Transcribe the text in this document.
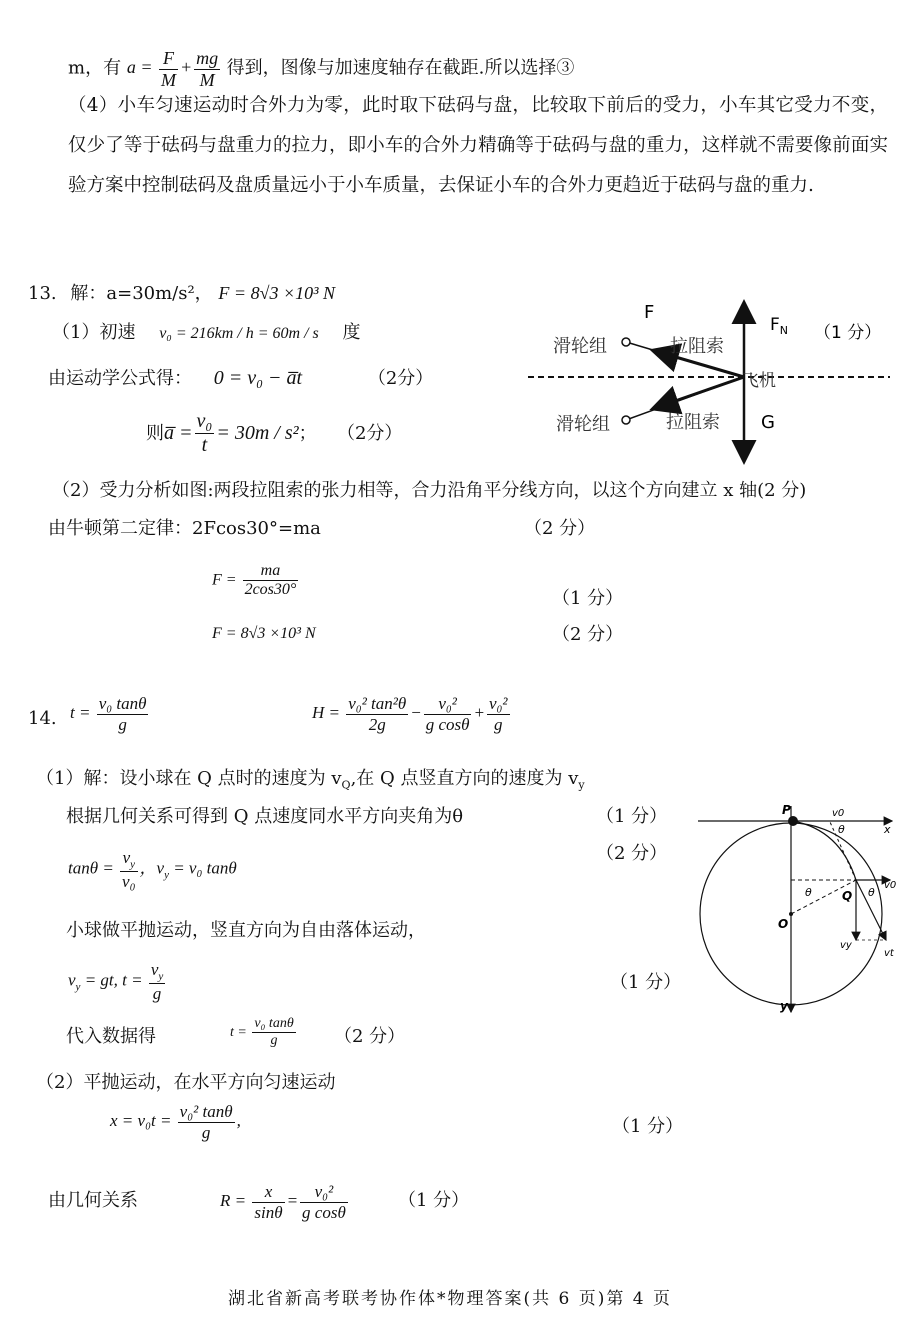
m，有 $a = \frac{F}{M} + \frac{mg}{M}$ 得到，图像与加速度轴存在截距.所以选择③
（4）小车匀速运动时合外力为零，此时取下砝码与盘，比较取下前后的受力，小车其它受力不变，仅少了等于砝码与盘重力的拉力，即小车的合外力精确等于砝码与盘的重力，这样就不需要像前面实验方案中控制砝码及盘质量远小于小车质量，去保证小车的合外力更趋近于砝码与盘的重力.
13. 解：a=30m/s²， F = 8√3 ×10³ N
（1）初速 v₀ = 216km / h = 60m / s 度
由运动学公式得： 0 = v₀ − a̅t	（2分）
则a̅ = $\frac{\text{v₀}}{t} = 30m / s^2$； （2分）
F
$F_N$ （1 分）
滑轮组	拉阻索
飞机
滑轮组	拉阻索 G
（2）受力分析如图:两段拉阻索的张力相等，合力沿角平分线方向，以这个方向建立 x 轴(2 分)
由牛顿第二定律：2Fcos30°=ma	（2 分）
$F = \frac{ma}{2\cos 30^\circ}$	（1 分）
F = 8√3 ×10³ N	（2 分）
14. $t = \frac{\text{v₀ tanθ}}{g}$	$H = \frac{\text{v₀² tan²θ}}{2g} - \frac{\text{v₀²}}{\text{g cosθ}} + \frac{\text{v₀²}}{g}$
（1）解：设小球在 Q 点时的速度为 $v_Q$,在 Q 点竖直方向的速度为 $v_y$
根据几何关系可得到 Q 点速度同水平方向夹角为θ	（1 分）
$\tan\theta = \frac{v_y}{\text{v₀}}$ ，$v_y = v_0$ tanθ
（2 分）
小球做平抛运动，竖直方向为自由落体运动，
$v_y$ = gt, $t = \frac{v_y}{g}$	（1 分）
代入数据得	$t = \frac{\text{v₀ tanθ}}{g} (2$ 分）
（2）平抛运动，在水平方向匀速运动
$x = v_0t = \frac{\text{v₀² tanθ}}{g}$ ,	（1 分）
由几何关系	$R = \frac{x}{\sin\theta} = \frac{\text{v₀²}}{\text{g cosθ}}$	（1 分）
P	v0
θ	x
θ	Q θ
v0
O
vy
vt
y
湖北省新高考联考协作体*物理答案(共 6 页)第 4 页
